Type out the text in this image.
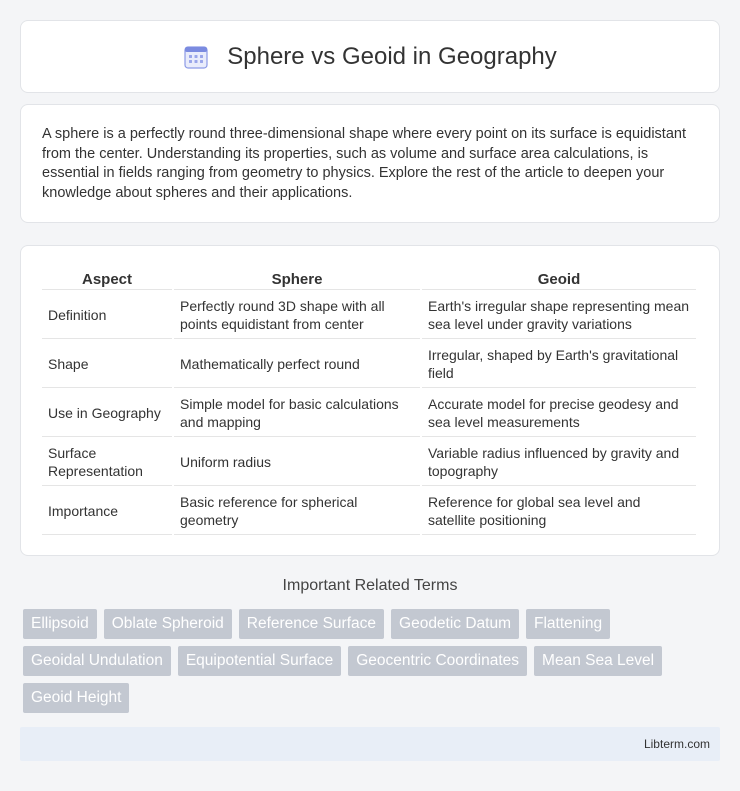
Sphere vs Geoid in Geography

A sphere is a perfectly round three-dimensional shape where every point on its surface is equidistant from the center. Understanding its properties, such as volume and surface area calculations, is essential in fields ranging from geometry to physics. Explore the rest of the article to deepen your knowledge about spheres and their applications.

Aspect	Sphere	Geoid
Definition	Perfectly round 3D shape with all points equidistant from center	Earth's irregular shape representing mean sea level under gravity variations
Shape	Mathematically perfect round	Irregular, shaped by Earth's gravitational field
Use in Geography	Simple model for basic calculations and mapping	Accurate model for precise geodesy and sea level measurements
Surface Representation	Uniform radius	Variable radius influenced by gravity and topography
Importance	Basic reference for spherical geometry	Reference for global sea level and satellite positioning
Important Related Terms
Ellipsoid	Oblate Spheroid	Reference Surface	Geodetic Datum	Flattening
Geoidal Undulation	Equipotential Surface	Geocentric Coordinates	Mean Sea Level
Geoid Height
Libterm.com
